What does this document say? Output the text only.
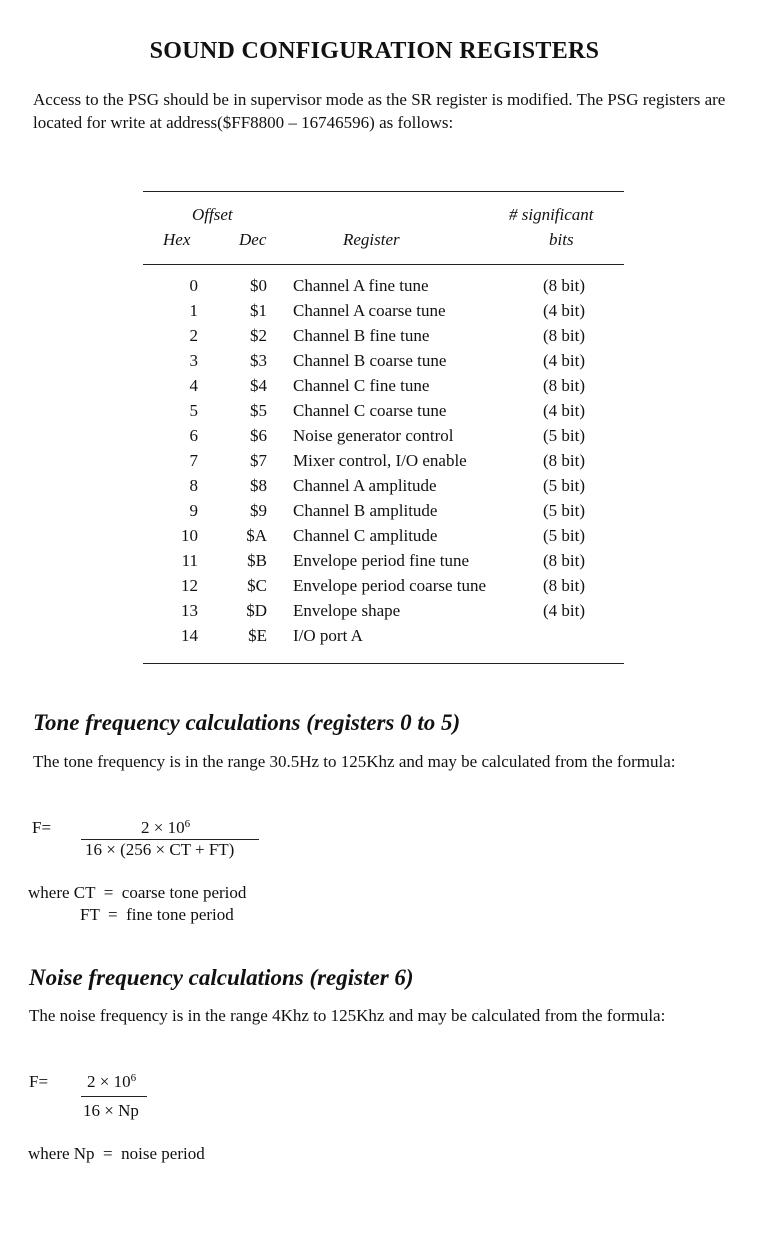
SOUND CONFIGURATION REGISTERS
Access to the PSG should be in supervisor mode as the SR register is modified. The PSG registers are located for write at address($FF8800 – 16746596) as follows:
Offset
Hex	Dec	Register
# significant
bits
0	$0 Channel A fine tune	(8 bit)
1	$1 Channel A coarse tune	(4 bit)
2	$2 Channel B fine tune	(8 bit)
3	$3 Channel B coarse tune	(4 bit)
4	$4 Channel C fine tune	(8 bit)
5	$5 Channel C coarse tune	(4 bit)
6	$6 Noise generator control	(5 bit)
7	$7 Mixer control, I/O enable	(8 bit)
8	$8 Channel A amplitude	(5 bit)
9	$9 Channel B amplitude	(5 bit)
10	$A Channel C amplitude	(5 bit)
11	$B Envelope period fine tune	(8 bit)
12	$C Envelope period coarse tune	(8 bit)
13	$D Envelope shape	(4 bit)
14	$E I/O port A
Tone frequency calculations (registers 0 to 5)
The tone frequency is in the range 30.5Hz to 125Khz and may be calculated from the formula:
F=	$2 \times 10^6$
16 × (256 × CT + FT)
where CT  =  coarse tone period
FT  =  fine tone period
Noise frequency calculations (register 6)
The noise frequency is in the range 4Khz to 125Khz and may be calculated from the formula:
$F= 2 \times 10^6$
16 × Np
where Np  =  noise period
